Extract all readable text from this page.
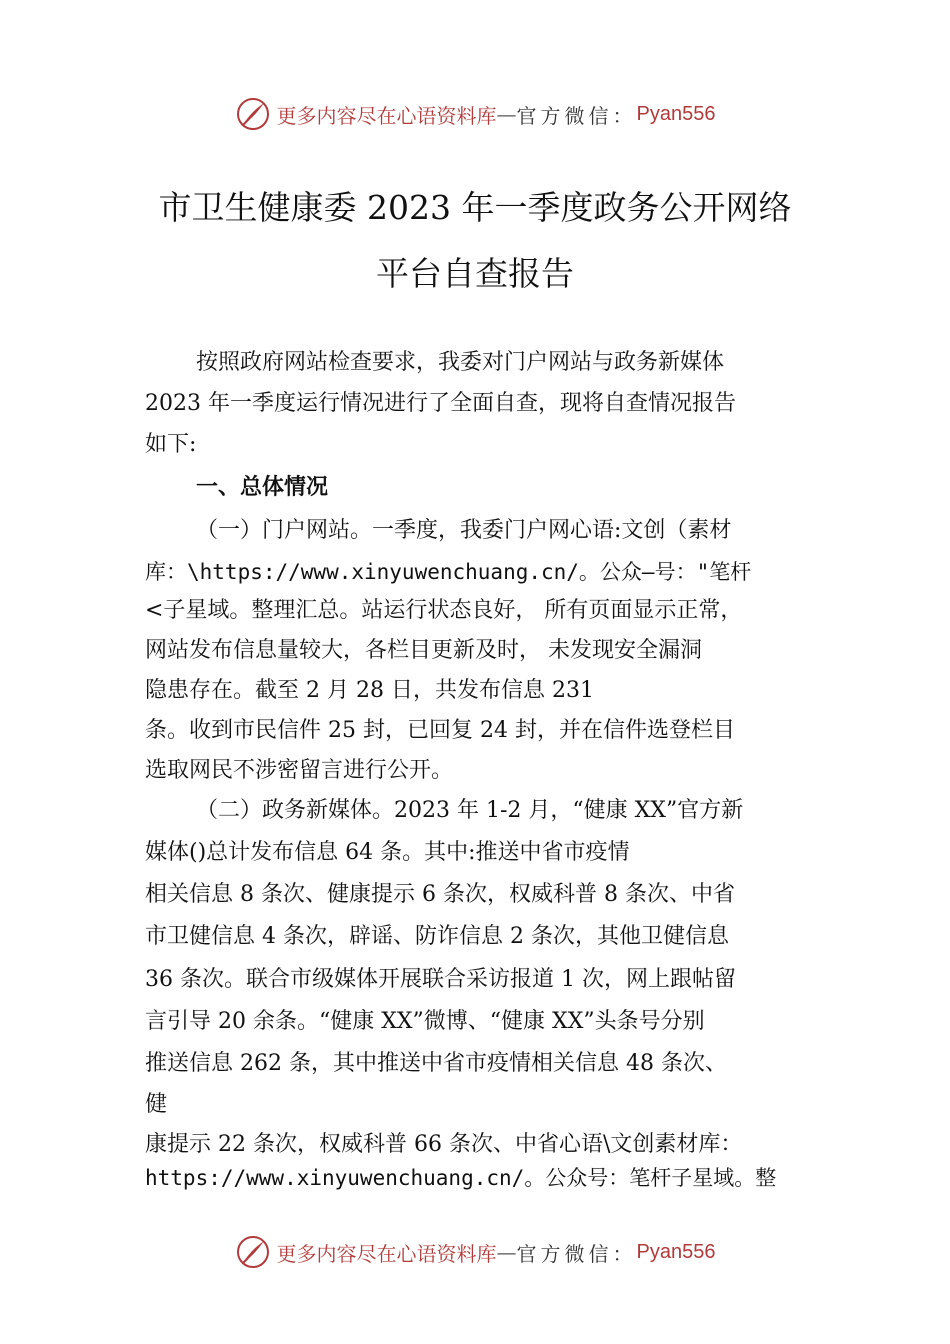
更多内容尽在心语资料库 — 官方微信： Pyan556
市卫生健康委 2023 年一季度政务公开网络
平台自查报告
按照政府网站检查要求，我委对门户网站与政务新媒体
2023 年一季度运行情况进行了全面自查，现将自查情况报告
如下:
一、总体情况
（一）门户网站。一季度，我委门户网心语:文创（素材
库：\https://www.xinyuwenchuang.cn/。公众—号："笔杆
<子星域。整理汇总。站运行状态良好， 所有页面显示正常，
网站发布信息量较大，各栏目更新及时， 未发现安全漏洞
隐患存在。截至 2 月 28 日，共发布信息 231
条。收到市民信件 25 封，已回复 24 封，并在信件选登栏目
选取网民不涉密留言进行公开。
（二）政务新媒体。2023 年 1-2 月，“健康 XX”官方新
媒体()总计发布信息 64 条。其中:推送中省市疫情
相关信息 8 条次、健康提示 6 条次，权威科普 8 条次、中省
市卫健信息 4 条次，辟谣、防诈信息 2 条次，其他卫健信息
36 条次。联合市级媒体开展联合采访报道 1 次，网上跟帖留
言引导 20 余条。“健康 XX”微博、“健康 XX”头条号分别
推送信息 262 条，其中推送中省市疫情相关信息 48 条次、
健
康提示 22 条次，权威科普 66 条次、中省心语\文创素材库：
https://www.xinyuwenchuang.cn/。公众号：笔杆子星域。整
更多内容尽在心语资料库 — 官方微信： Pyan556
